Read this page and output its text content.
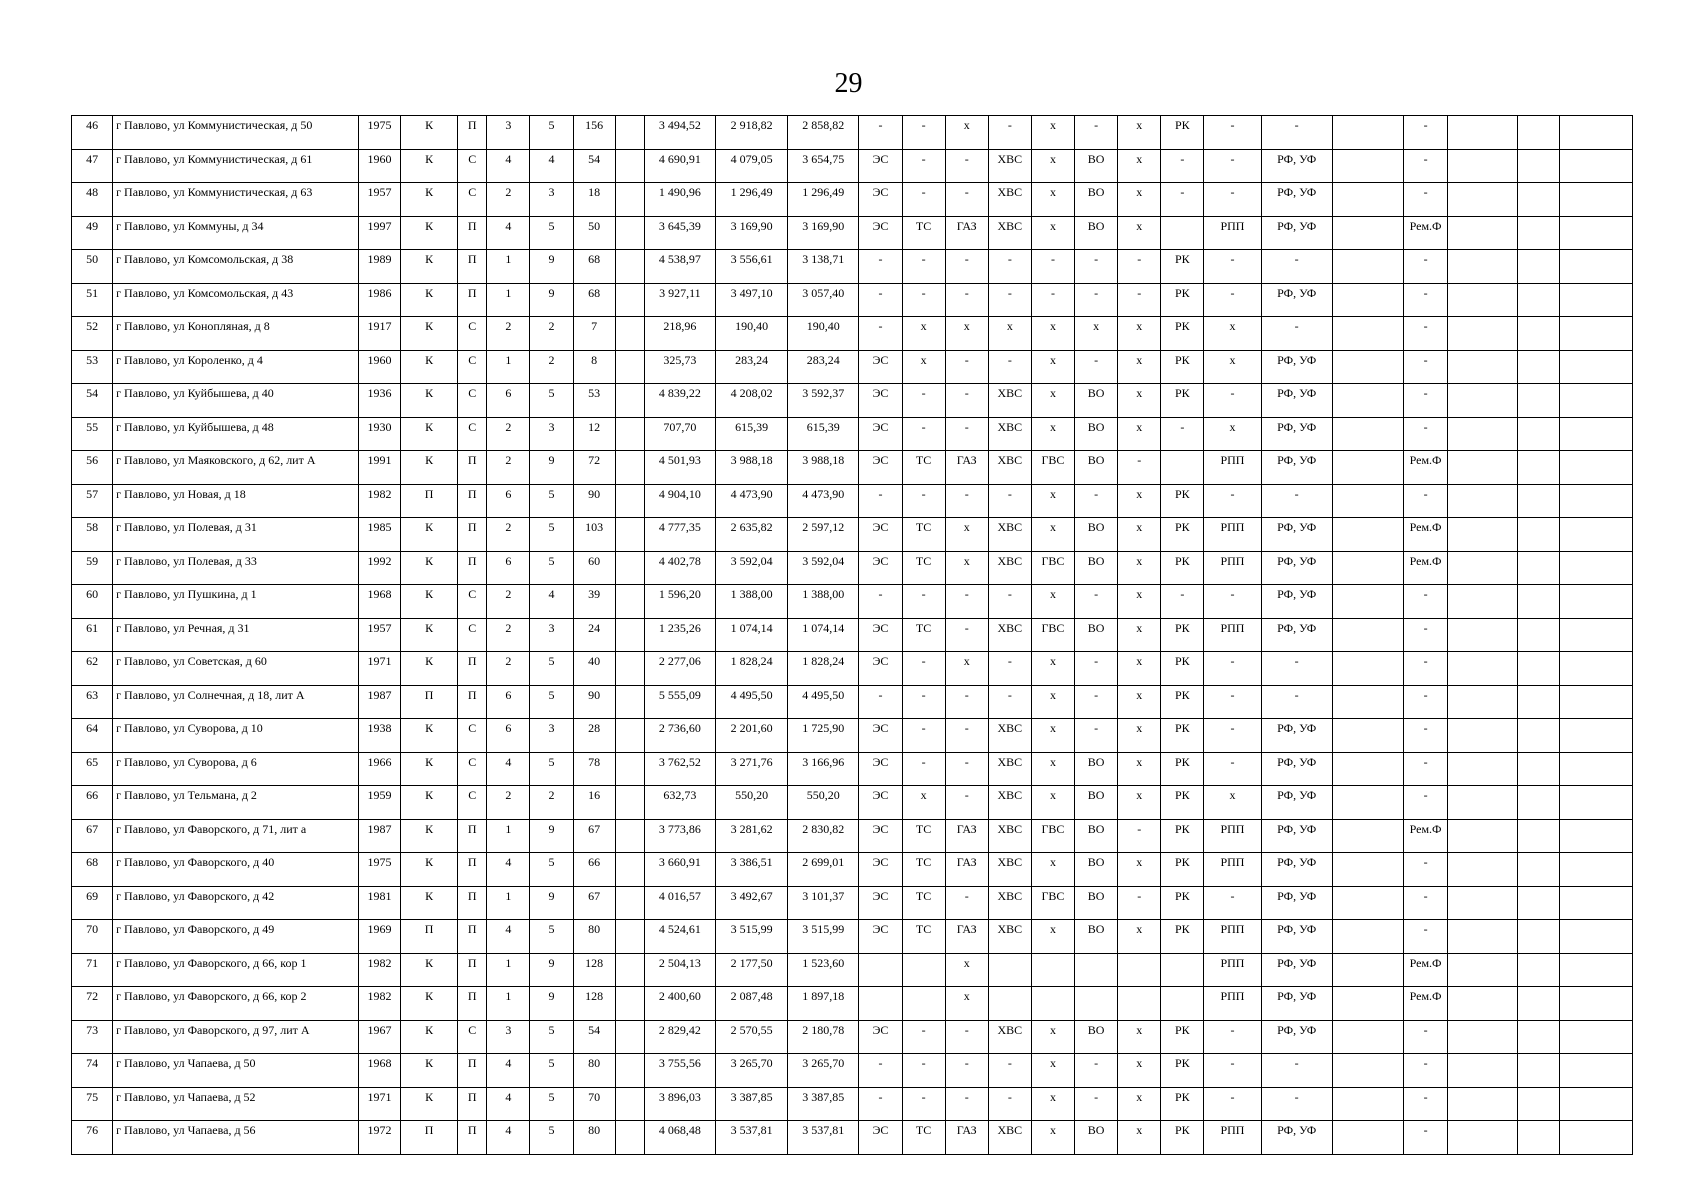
29
46	г Павлово, ул Коммунистическая, д 50	1975	К	П	3	5	156		3 494,52	2 918,82	2 858,82	-	-	х	-	х	-	х	РК	-	-		-			
47	г Павлово, ул Коммунистическая, д 61	1960	К	С	4	4	54		4 690,91	4 079,05	3 654,75	ЭС	-	-	ХВС	х	ВО	х	-	-	РФ, УФ		-			
48	г Павлово, ул Коммунистическая, д 63	1957	К	С	2	3	18		1 490,96	1 296,49	1 296,49	ЭС	-	-	ХВС	х	ВО	х	-	-	РФ, УФ		-			
49	г Павлово, ул Коммуны, д 34	1997	К	П	4	5	50		3 645,39	3 169,90	3 169,90	ЭС	ТС	ГАЗ	ХВС	х	ВО	х		РПП	РФ, УФ		Рем.Ф			
50	г Павлово, ул Комсомольская, д 38	1989	К	П	1	9	68		4 538,97	3 556,61	3 138,71	-	-	-	-	-	-	-	РК	-	-		-			
51	г Павлово, ул Комсомольская, д 43	1986	К	П	1	9	68		3 927,11	3 497,10	3 057,40	-	-	-	-	-	-	-	РК	-	РФ, УФ		-			
52	г Павлово, ул Конопляная, д 8	1917	К	С	2	2	7		218,96	190,40	190,40	-	х	х	х	х	х	х	РК	х	-		-			
53	г Павлово, ул Короленко, д 4	1960	К	С	1	2	8		325,73	283,24	283,24	ЭС	х	-	-	х	-	х	РК	х	РФ, УФ		-			
54	г Павлово, ул Куйбышева, д 40	1936	К	С	6	5	53		4 839,22	4 208,02	3 592,37	ЭС	-	-	ХВС	х	ВО	х	РК	-	РФ, УФ		-			
55	г Павлово, ул Куйбышева, д 48	1930	К	С	2	3	12		707,70	615,39	615,39	ЭС	-	-	ХВС	х	ВО	х	-	х	РФ, УФ		-			
56	г Павлово, ул Маяковского, д 62, лит А	1991	К	П	2	9	72		4 501,93	3 988,18	3 988,18	ЭС	ТС	ГАЗ	ХВС	ГВС	ВО	-		РПП	РФ, УФ		Рем.Ф			
57	г Павлово, ул Новая, д 18	1982	П	П	6	5	90		4 904,10	4 473,90	4 473,90	-	-	-	-	х	-	х	РК	-	-		-			
58	г Павлово, ул Полевая, д 31	1985	К	П	2	5	103		4 777,35	2 635,82	2 597,12	ЭС	ТС	х	ХВС	х	ВО	х	РК	РПП	РФ, УФ		Рем.Ф			
59	г Павлово, ул Полевая, д 33	1992	К	П	6	5	60		4 402,78	3 592,04	3 592,04	ЭС	ТС	х	ХВС	ГВС	ВО	х	РК	РПП	РФ, УФ		Рем.Ф			
60	г Павлово, ул Пушкина, д 1	1968	К	С	2	4	39		1 596,20	1 388,00	1 388,00	-	-	-	-	х	-	х	-	-	РФ, УФ		-			
61	г Павлово, ул Речная, д 31	1957	К	С	2	3	24		1 235,26	1 074,14	1 074,14	ЭС	ТС	-	ХВС	ГВС	ВО	х	РК	РПП	РФ, УФ		-			
62	г Павлово, ул Советская, д 60	1971	К	П	2	5	40		2 277,06	1 828,24	1 828,24	ЭС	-	х	-	х	-	х	РК	-	-		-			
63	г Павлово, ул Солнечная, д 18, лит А	1987	П	П	6	5	90		5 555,09	4 495,50	4 495,50	-	-	-	-	х	-	х	РК	-	-		-			
64	г Павлово, ул Суворова, д 10	1938	К	С	6	3	28		2 736,60	2 201,60	1 725,90	ЭС	-	-	ХВС	х	-	х	РК	-	РФ, УФ		-			
65	г Павлово, ул Суворова, д 6	1966	К	С	4	5	78		3 762,52	3 271,76	3 166,96	ЭС	-	-	ХВС	х	ВО	х	РК	-	РФ, УФ		-			
66	г Павлово, ул Тельмана, д 2	1959	К	С	2	2	16		632,73	550,20	550,20	ЭС	х	-	ХВС	х	ВО	х	РК	х	РФ, УФ		-			
67	г Павлово, ул Фаворского, д 71, лит а	1987	К	П	1	9	67		3 773,86	3 281,62	2 830,82	ЭС	ТС	ГАЗ	ХВС	ГВС	ВО	-	РК	РПП	РФ, УФ		Рем.Ф			
68	г Павлово, ул Фаворского, д 40	1975	К	П	4	5	66		3 660,91	3 386,51	2 699,01	ЭС	ТС	ГАЗ	ХВС	х	ВО	х	РК	РПП	РФ, УФ		-			
69	г Павлово, ул Фаворского, д 42	1981	К	П	1	9	67		4 016,57	3 492,67	3 101,37	ЭС	ТС	-	ХВС	ГВС	ВО	-	РК	-	РФ, УФ		-			
70	г Павлово, ул Фаворского, д 49	1969	П	П	4	5	80		4 524,61	3 515,99	3 515,99	ЭС	ТС	ГАЗ	ХВС	х	ВО	х	РК	РПП	РФ, УФ		-			
71	г Павлово, ул Фаворского, д 66, кор 1	1982	К	П	1	9	128		2 504,13	2 177,50	1 523,60			х						РПП	РФ, УФ		Рем.Ф			
72	г Павлово, ул Фаворского, д 66, кор 2	1982	К	П	1	9	128		2 400,60	2 087,48	1 897,18			х						РПП	РФ, УФ		Рем.Ф			
73	г Павлово, ул Фаворского, д 97, лит А	1967	К	С	3	5	54		2 829,42	2 570,55	2 180,78	ЭС	-	-	ХВС	х	ВО	х	РК	-	РФ, УФ		-			
74	г Павлово, ул Чапаева, д 50	1968	К	П	4	5	80		3 755,56	3 265,70	3 265,70	-	-	-	-	х	-	х	РК	-	-		-			
75	г Павлово, ул Чапаева, д 52	1971	К	П	4	5	70		3 896,03	3 387,85	3 387,85	-	-	-	-	х	-	х	РК	-	-		-			
76	г Павлово, ул Чапаева, д 56	1972	П	П	4	5	80		4 068,48	3 537,81	3 537,81	ЭС	ТС	ГАЗ	ХВС	х	ВО	х	РК	РПП	РФ, УФ		-			
